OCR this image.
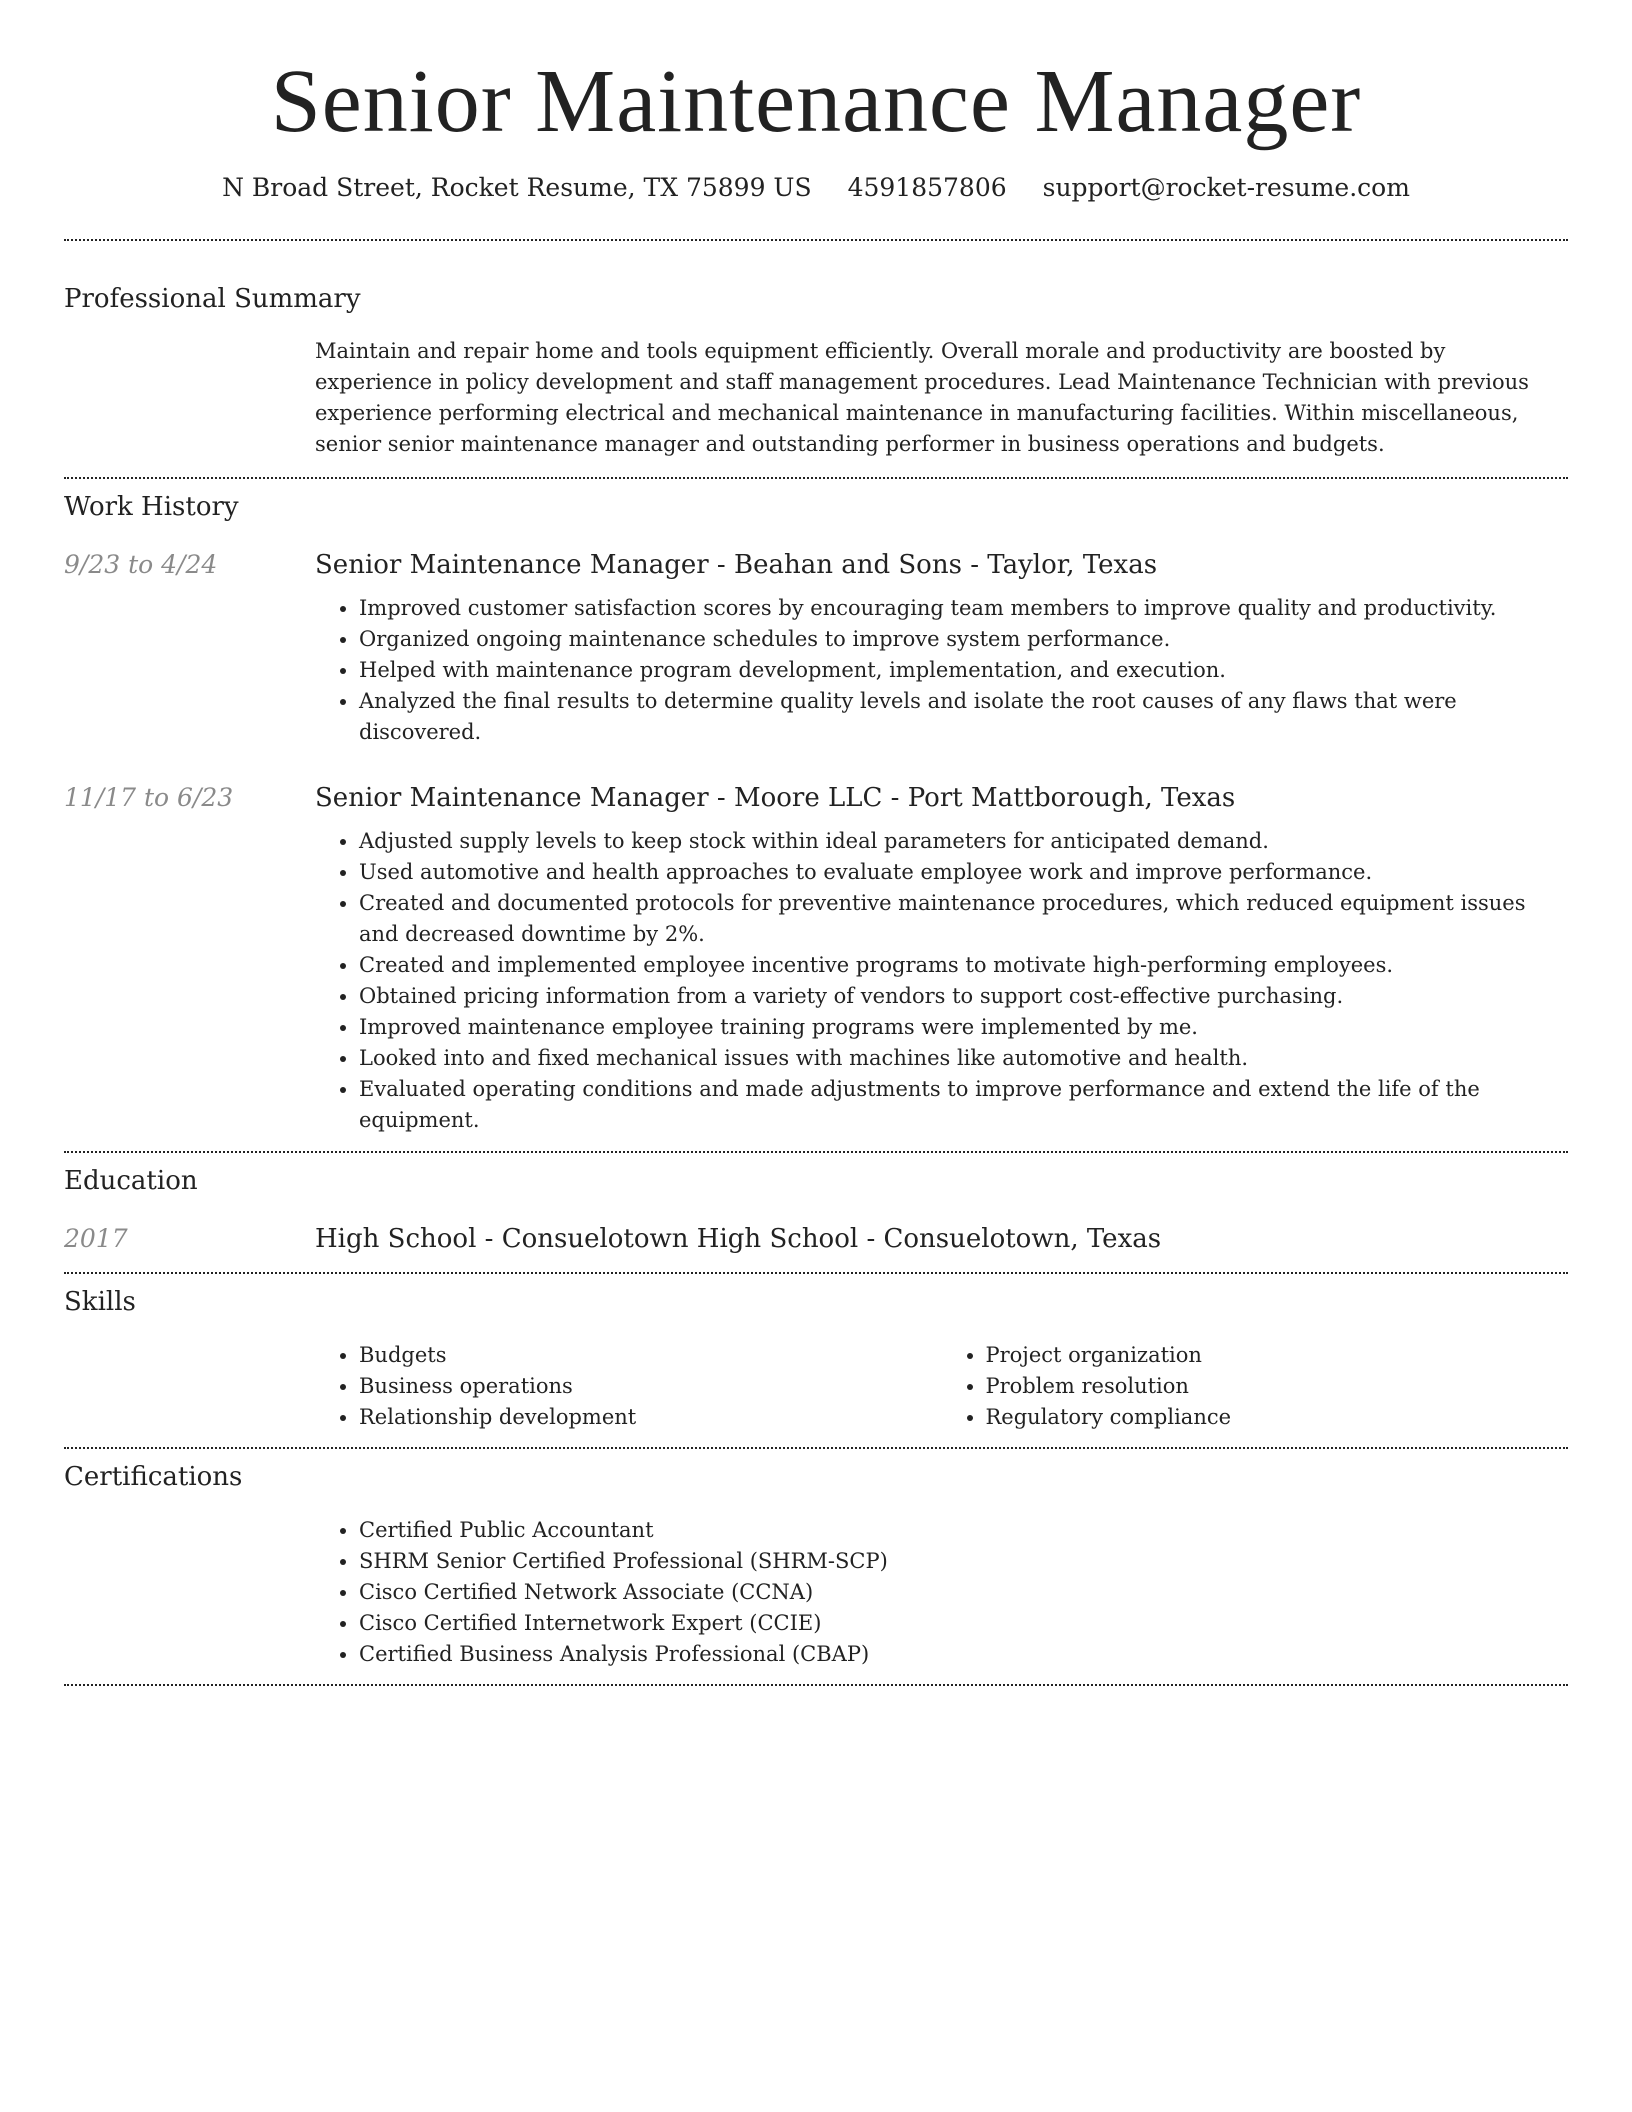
Senior Maintenance Manager
N Broad Street, Rocket Resume, TX 75899 US 4591857806 support@rocket-resume.com
Professional Summary

Maintain and repair home and tools equipment efficiently. Overall morale and productivity are boosted by experience in policy development and staff management procedures. Lead Maintenance Technician with previous experience performing electrical and mechanical maintenance in manufacturing facilities. Within miscellaneous, senior senior maintenance manager and outstanding performer in business operations and budgets.

Work History
9/23 to 4/24	Senior Maintenance Manager - Beahan and Sons - Taylor, Texas
• Improved customer satisfaction scores by encouraging team members to improve quality and productivity.
• Organized ongoing maintenance schedules to improve system performance.
• Helped with maintenance program development, implementation, and execution.
• Analyzed the final results to determine quality levels and isolate the root causes of any flaws that were discovered.
11/17 to 6/23	Senior Maintenance Manager - Moore LLC - Port Mattborough, Texas
• Adjusted supply levels to keep stock within ideal parameters for anticipated demand.
• Used automotive and health approaches to evaluate employee work and improve performance.
• Created and documented protocols for preventive maintenance procedures, which reduced equipment issues and decreased downtime by 2%.
• Created and implemented employee incentive programs to motivate high-performing employees.
• Obtained pricing information from a variety of vendors to support cost-effective purchasing.
• Improved maintenance employee training programs were implemented by me.
• Looked into and fixed mechanical issues with machines like automotive and health.
• Evaluated operating conditions and made adjustments to improve performance and extend the life of the equipment.
Education
2017	High School - Consuelotown High School - Consuelotown, Texas
Skills
• Budgets
• Business operations
• Relationship development
• Project organization
• Problem resolution
• Regulatory compliance
Certifications
• Certified Public Accountant
• SHRM Senior Certified Professional (SHRM-SCP)
• Cisco Certified Network Associate (CCNA)
• Cisco Certified Internetwork Expert (CCIE)
• Certified Business Analysis Professional (CBAP)
